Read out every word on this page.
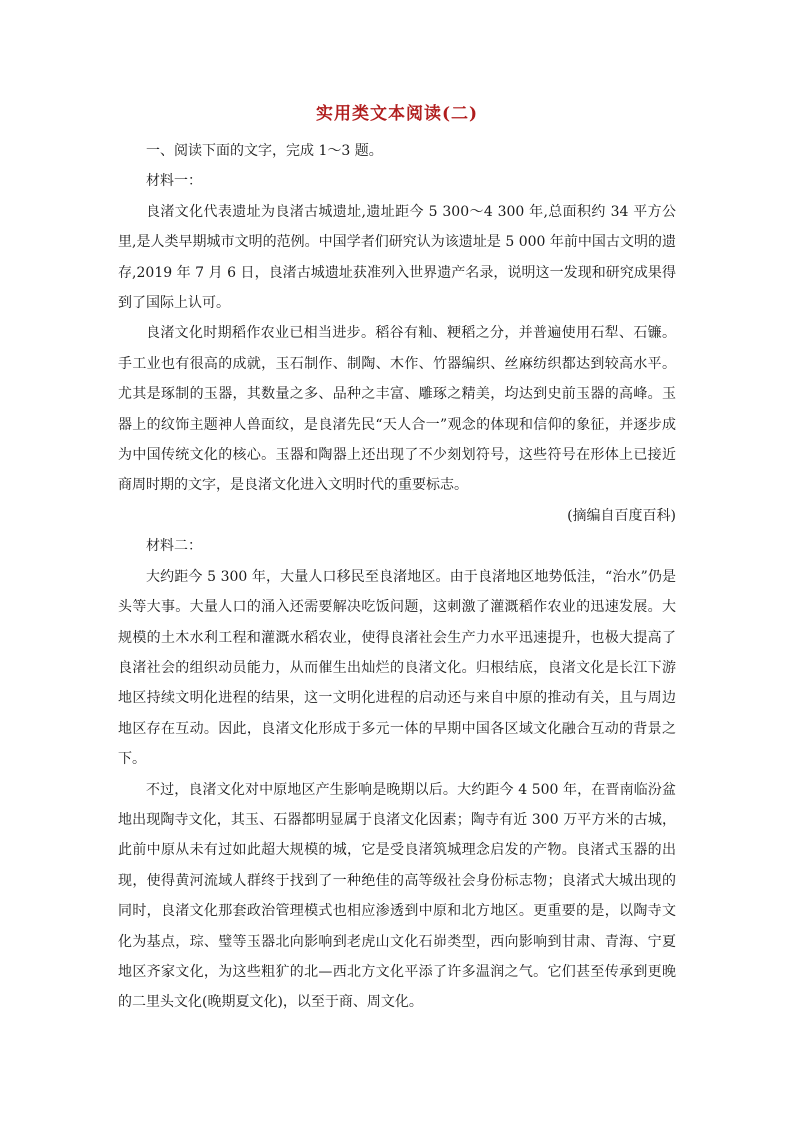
实用类文本阅读(二)

一、阅读下面的文字，完成 1～3 题。

材料一：

良渚文化代表遗址为良渚古城遗址,遗址距今 5 300～4 300 年,总面积约 34 平方公里,是人类早期城市文明的范例。中国学者们研究认为该遗址是 5 000 年前中国古文明的遗存,2019 年 7 月 6 日，良渚古城遗址获准列入世界遗产名录，说明这一发现和研究成果得到了国际上认可。

良渚文化时期稻作农业已相当进步。稻谷有籼、粳稻之分，并普遍使用石犁、石镰。手工业也有很高的成就，玉石制作、制陶、木作、竹器编织、丝麻纺织都达到较高水平。尤其是琢制的玉器，其数量之多、品种之丰富、雕琢之精美，均达到史前玉器的高峰。玉器上的纹饰主题神人兽面纹，是良渚先民“天人合一”观念的体现和信仰的象征，并逐步成为中国传统文化的核心。玉器和陶器上还出现了不少刻划符号，这些符号在形体上已接近商周时期的文字，是良渚文化进入文明时代的重要标志。

(摘编自百度百科)

材料二：

大约距今 5 300 年，大量人口移民至良渚地区。由于良渚地区地势低洼，“治水”仍是头等大事。大量人口的涌入还需要解决吃饭问题，这刺激了灌溉稻作农业的迅速发展。大规模的土木水利工程和灌溉水稻农业，使得良渚社会生产力水平迅速提升，也极大提高了良渚社会的组织动员能力，从而催生出灿烂的良渚文化。归根结底，良渚文化是长江下游地区持续文明化进程的结果，这一文明化进程的启动还与来自中原的推动有关，且与周边地区存在互动。因此，良渚文化形成于多元一体的早期中国各区域文化融合互动的背景之下。

不过，良渚文化对中原地区产生影响是晚期以后。大约距今 4 500 年，在晋南临汾盆地出现陶寺文化，其玉、石器都明显属于良渚文化因素；陶寺有近 300 万平方米的古城，此前中原从未有过如此超大规模的城，它是受良渚筑城理念启发的产物。良渚式玉器的出现，使得黄河流域人群终于找到了一种绝佳的高等级社会身份标志物；良渚式大城出现的同时，良渚文化那套政治管理模式也相应渗透到中原和北方地区。更重要的是，以陶寺文化为基点，琮、璧等玉器北向影响到老虎山文化石峁类型，西向影响到甘肃、青海、宁夏地区齐家文化，为这些粗犷的北—西北方文化平添了许多温润之气。它们甚至传承到更晚的二里头文化(晚期夏文化)，以至于商、周文化。
